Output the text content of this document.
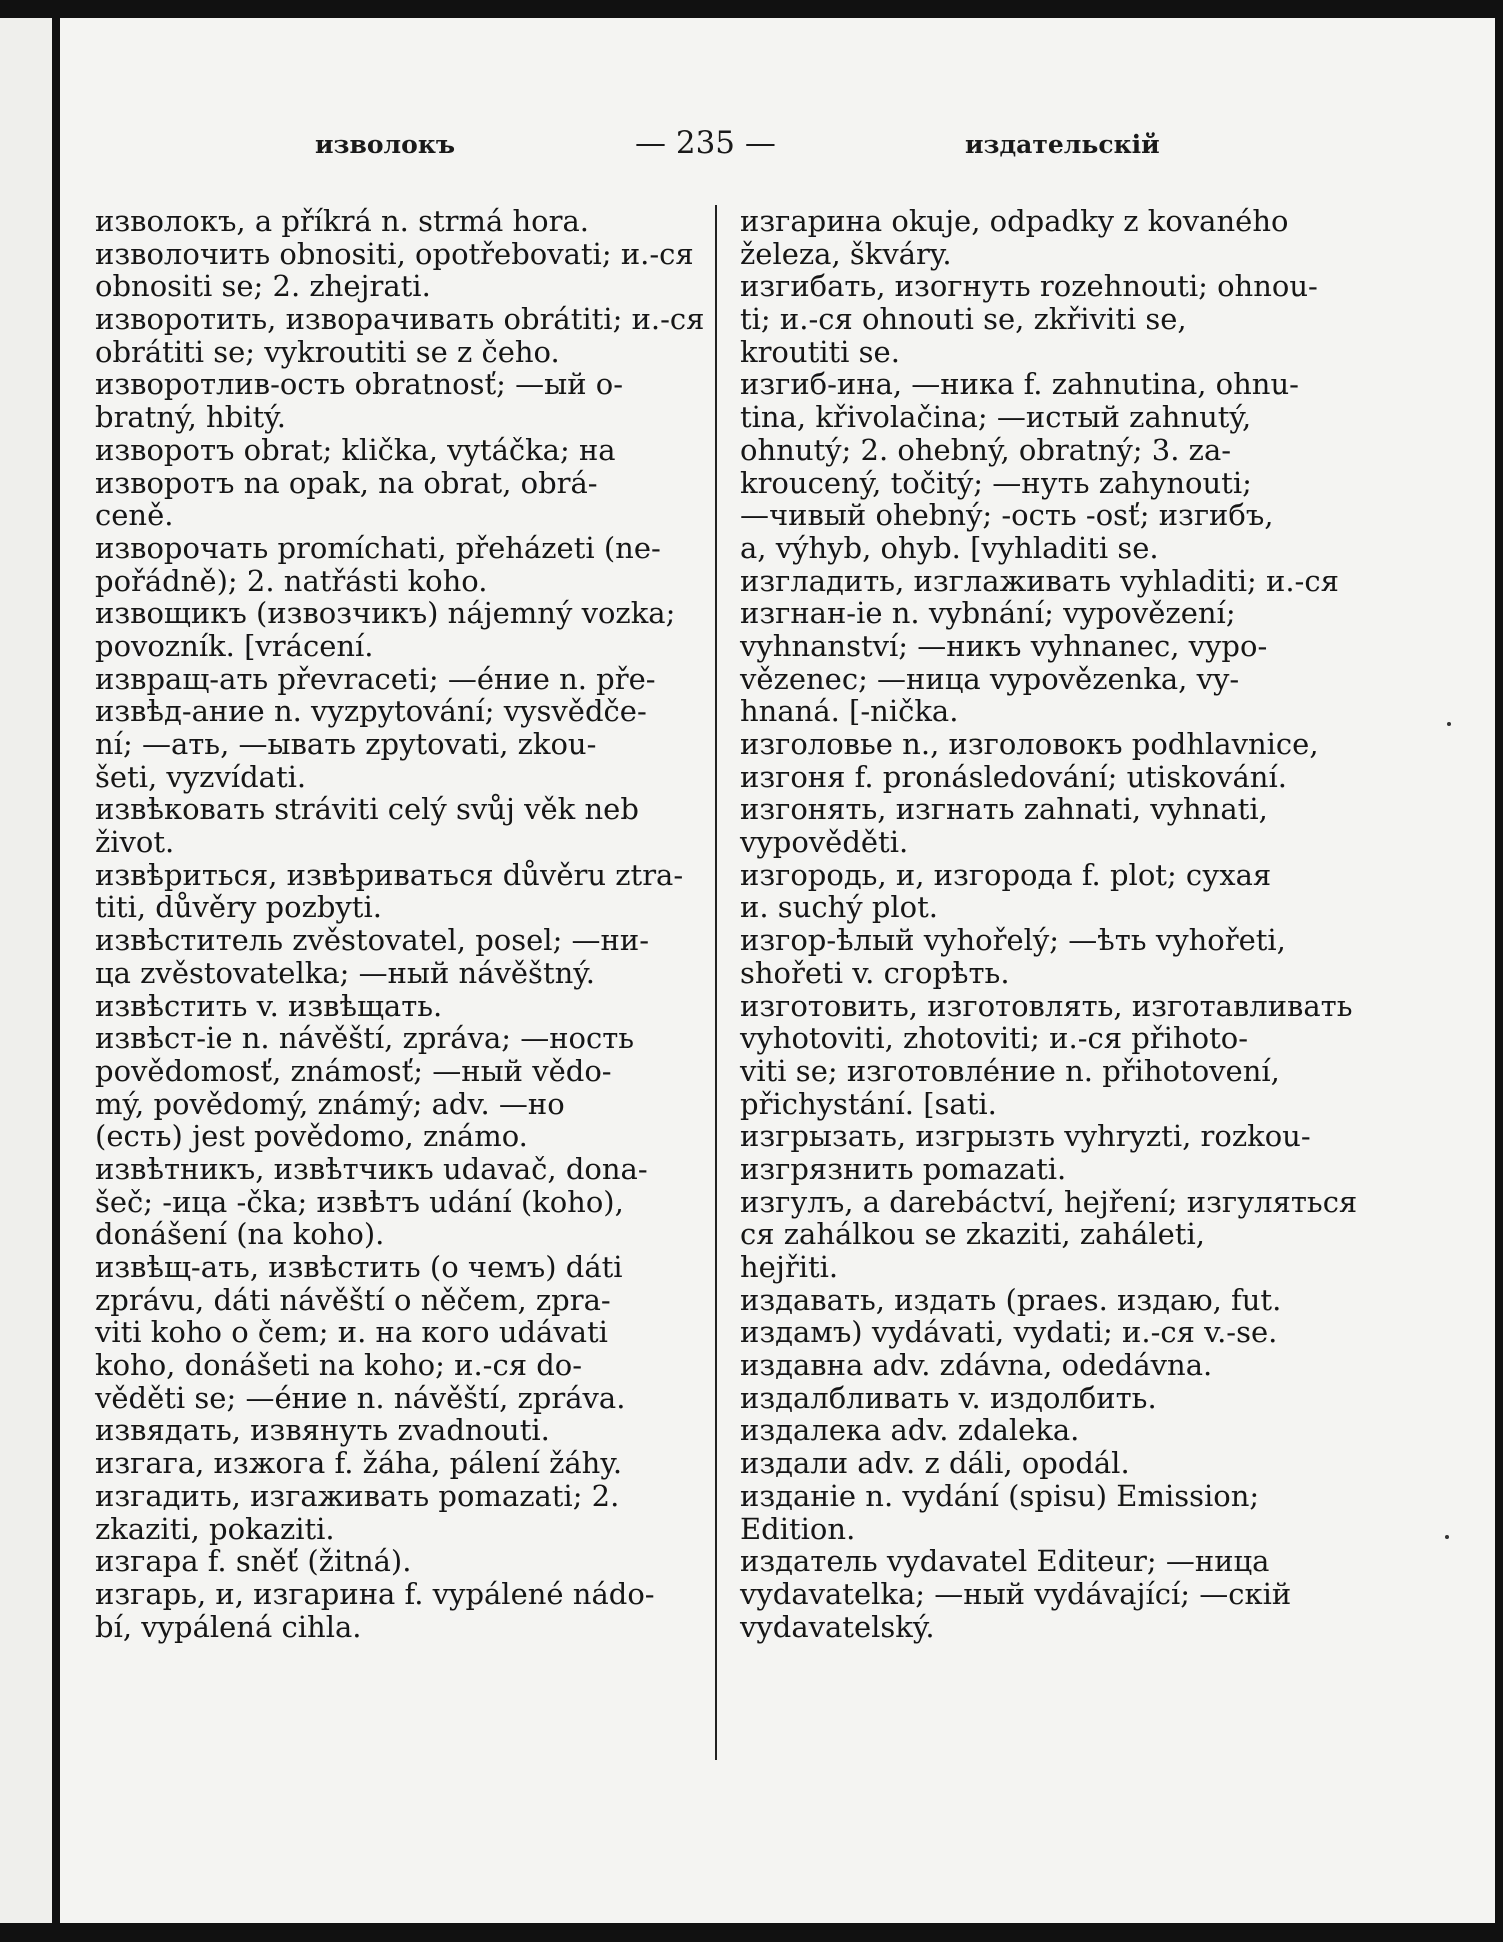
изволокъ	— 235 —	издательскій
изволокъ, а příkrá n. strmá hora.
изволочить obnositi, opotřebovati; и.-ся
obnositi se; 2. zhejrati.
изворотить, изворачивать obrátiti; и.-ся
obrátiti se; vykroutiti se z čeho.
изворотлив-ость obratnosť; —ый o-
bratný, hbitý.
изворотъ obrat; klička, vytáčka; на
изворотъ na opak, na obrat, obrá-
ceně.
изворочать promíchati, přeházeti (ne-
pořádně); 2. natřásti koho.
извощикъ (извозчикъ) nájemný vozka;
povozník. [vrácení.
извращ-ать převraceti; —éние n. pře-
извѣд-ание n. vyzpytování; vysvědče-
ní; —ать, —ывать zpytovati, zkou-
šeti, vyzvídati.
извѣковать stráviti celý svůj věk neb
život.
извѣриться, извѣриваться důvěru ztra-
titi, důvěry pozbyti.
извѣститель zvěstovatel, posel; —ни-
ца zvěstovatelka; —ный návěštný.
извѣстить v. извѣщать.
извѣст-іе n. návěští, zpráva; —ность
povědomosť, známosť; —ный vědo-
mý, povědomý, známý; adv. —но
(есть) jest povědomo, známo.
извѣтникъ, извѣтчикъ udavač, dona-
šeč; -ица -čka; извѣтъ udání (koho),
donášení (na koho).
извѣщ-ать, извѣстить (о чемъ) dáti
zprávu, dáti návěští o něčem, zpra-
viti koho o čem; и. на кого udávati
koho, donášeti na koho; и.-ся do-
věděti se; —éние n. návěští, zpráva.
извядать, извянуть zvadnouti.
изгага, изжога f. žáha, pálení žáhy.
изгадить, изгаживать pomazati; 2.
zkaziti, pokaziti.
изгара f. sněť (žitná).
изгарь, и, изгарина f. vypálené nádo-
bí, vypálená cihla.
изгарина okuje, odpadky z kovaného
železa, škváry.
изгибать, изогнуть rozehnouti; ohnou-
ti; и.-ся ohnouti se, zkřiviti se,
kroutiti se.
изгиб-ина, —ника f. zahnutina, ohnu-
tina, křivolačina; —истый zahnutý,
ohnutý; 2. ohebný, obratný; 3. za-
kroucený, točitý; —нуть zahynouti;
—чивый ohebný; -ость -osť; изгибъ,
а, výhyb, ohyb. [vyhladiti se.
изгладить, изглаживать vyhladiti; и.-ся
изгнан-іе n. vybnání; vypovězení;
vyhnanství; —никъ vyhnanec, vypo-
vězenec; —ница vypovězenka, vy-
hnaná. [-nička.
изголовье n., изголовокъ podhlavnice,
изгоня f. pronásledování; utiskování.
изгонять, изгнать zahnati, vyhnati,
vypověděti.
изгородь, и, изгорода f. plot; сухая
и. suchý plot.
изгор-ѣлый vyhořelý; —ѣть vyhořeti,
shořeti v. сгорѣть.
изготовить, изготовлять, изготавливать
vyhotoviti, zhotoviti; и.-ся přihoto-
viti se; изготовлéние n. přihotovení,
přichystání. [sati.
изгрызать, изгрызть vyhryzti, rozkou-
изгрязнить pomazati.
изгулъ, а darebáctví, hejření; изгуляться
ся zahálkou se zkaziti, zaháleti,
hejřiti.
издавать, издать (praes. издаю, fut.
издамъ) vydávati, vydati; и.-ся v.-se.
издавна adv. zdávna, odedávna.
издалбливать v. издолбить.
издалека adv. zdaleka.
издали adv. z dáli, opodál.
изданіе n. vydání (spisu) Emission;
Edition.
издатель vydavatel Editeur; —ница
vydavatelka; —ный vydávající; —скій
vydavatelský.
